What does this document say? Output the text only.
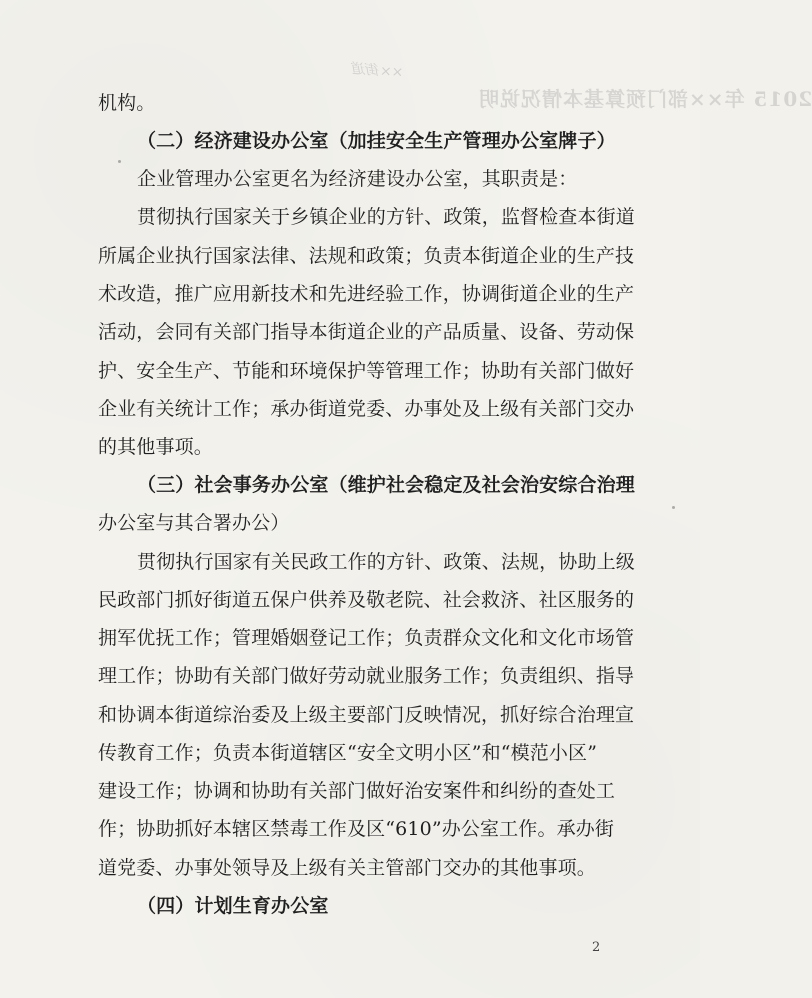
××街道
2015 年××部门预算基本情况说明
机构。
（二）经济建设办公室（加挂安全生产管理办公室牌子）
企业管理办公室更名为经济建设办公室，其职责是：
贯彻执行国家关于乡镇企业的方针、政策，监督检查本街道
所属企业执行国家法律、法规和政策；负责本街道企业的生产技
术改造，推广应用新技术和先进经验工作，协调街道企业的生产
活动，会同有关部门指导本街道企业的产品质量、设备、劳动保
护、安全生产、节能和环境保护等管理工作；协助有关部门做好
企业有关统计工作；承办街道党委、办事处及上级有关部门交办
的其他事项。
（三）社会事务办公室（维护社会稳定及社会治安综合治理
办公室与其合署办公）
贯彻执行国家有关民政工作的方针、政策、法规，协助上级
民政部门抓好街道五保户供养及敬老院、社会救济、社区服务的
拥军优抚工作；管理婚姻登记工作；负责群众文化和文化市场管
理工作；协助有关部门做好劳动就业服务工作；负责组织、指导
和协调本街道综治委及上级主要部门反映情况，抓好综合治理宣
传教育工作；负责本街道辖区“安全文明小区”和“模范小区”
建设工作；协调和协助有关部门做好治安案件和纠纷的查处工
作；协助抓好本辖区禁毒工作及区“610”办公室工作。承办街
道党委、办事处领导及上级有关主管部门交办的其他事项。
（四）计划生育办公室
2
